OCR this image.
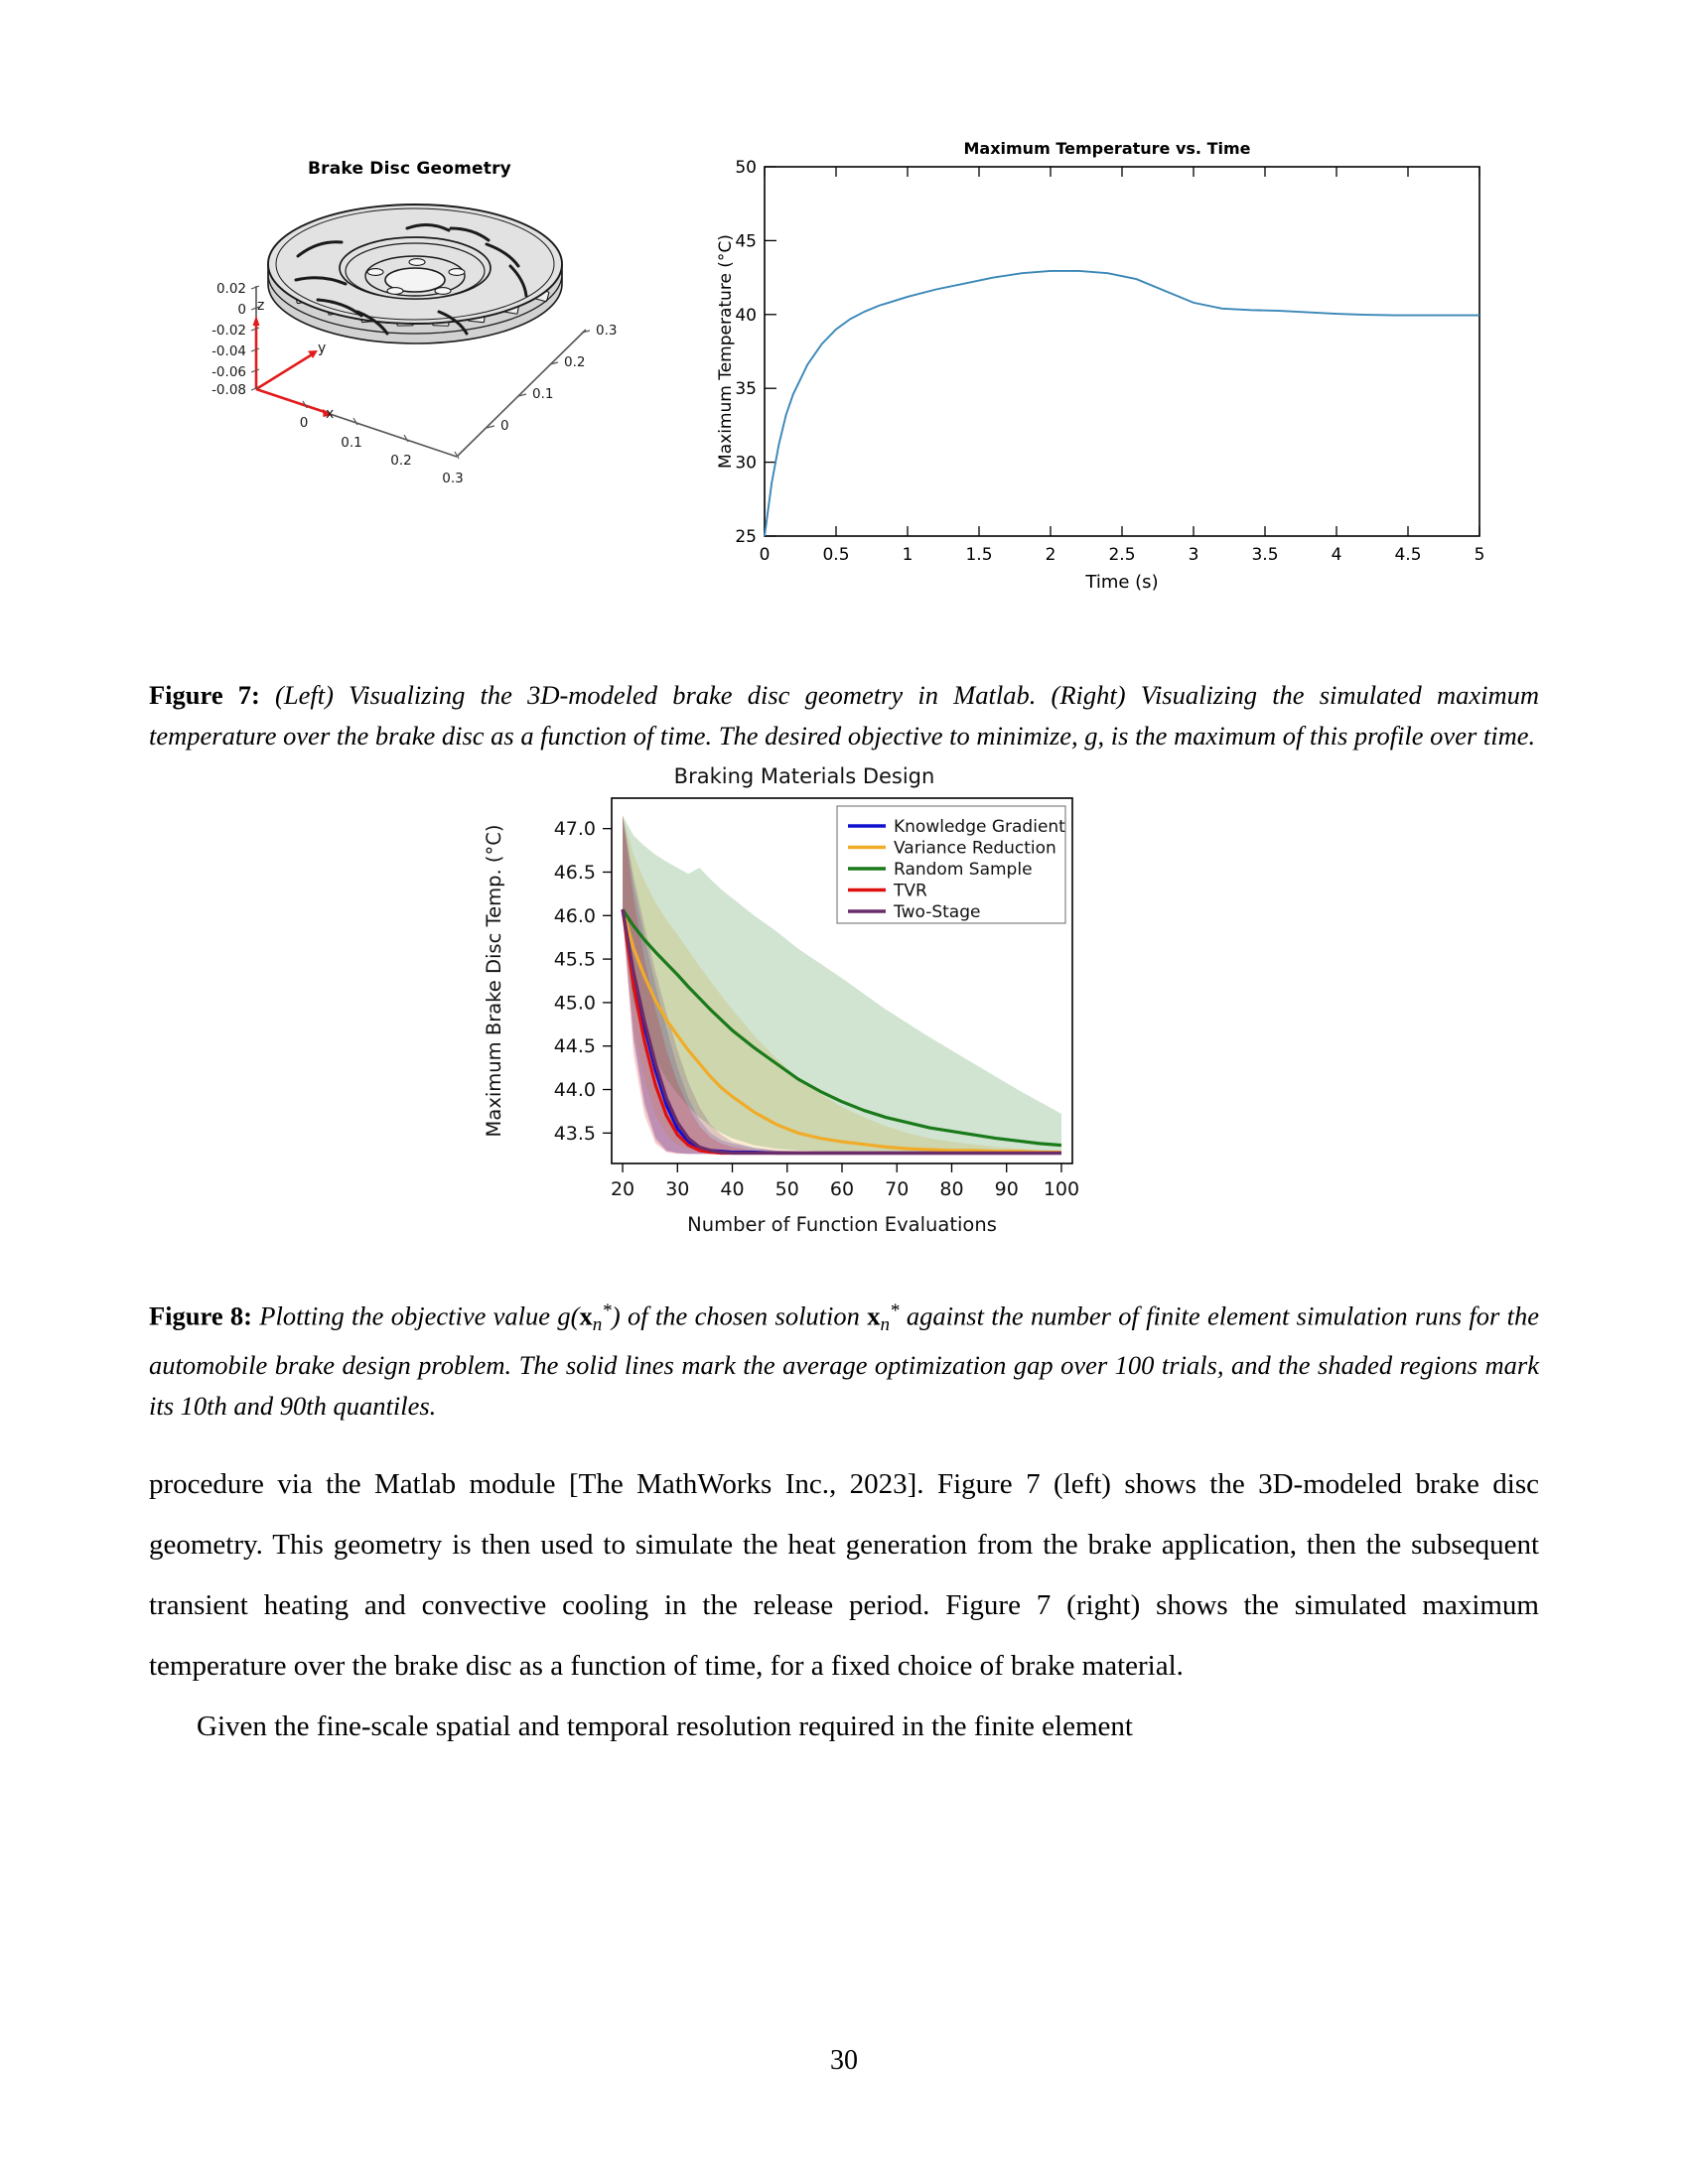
Brake Disc Geometry
0.02
0
-0.02
-0.04
-0.06
-0.08
z
y
x
0
0.1
0.2
0.3
0.3
0.2
0.1
0
Maximum Temperature vs. Time
25
30
35
40
45
50
0	0.5	1	1.5	2	2.5	3	3.5	4	4.5	5
Time (s)
Maximum Temperature (°C)
Figure 7: (Left) Visualizing the 3D-modeled brake disc geometry in Matlab. (Right) Visualizing the simulated maximum temperature over the brake disc as a function of time. The desired objective to minimize, g, is the maximum of this profile over time.
Braking Materials Design
43.5
44.0
44.5
45.0
45.5
46.0
46.5
47.0
20 30 40 50 60 70 80 90 100
Number of Function Evaluations
Maximum Brake Disc Temp. (°C)	Knowledge Gradient
Variance Reduction
Random Sample
TVR
Two-Stage
Figure 8: Plotting the objective value $g(x_n^*)$ of the chosen solution $x_n^*$ against the number of finite element simulation runs for the automobile brake design problem. The solid lines mark the average optimization gap over 100 trials, and the shaded regions mark its 10th and 90th quantiles.

procedure via the Matlab module [The MathWorks Inc., 2023]. Figure 7 (left) shows the 3D-modeled brake disc geometry. This geometry is then used to simulate the heat generation from the brake application, then the subsequent transient heating and convective cooling in the release period. Figure 7 (right) shows the simulated maximum temperature over the brake disc as a function of time, for a fixed choice of brake material.

Given the fine-scale spatial and temporal resolution required in the finite element

30
